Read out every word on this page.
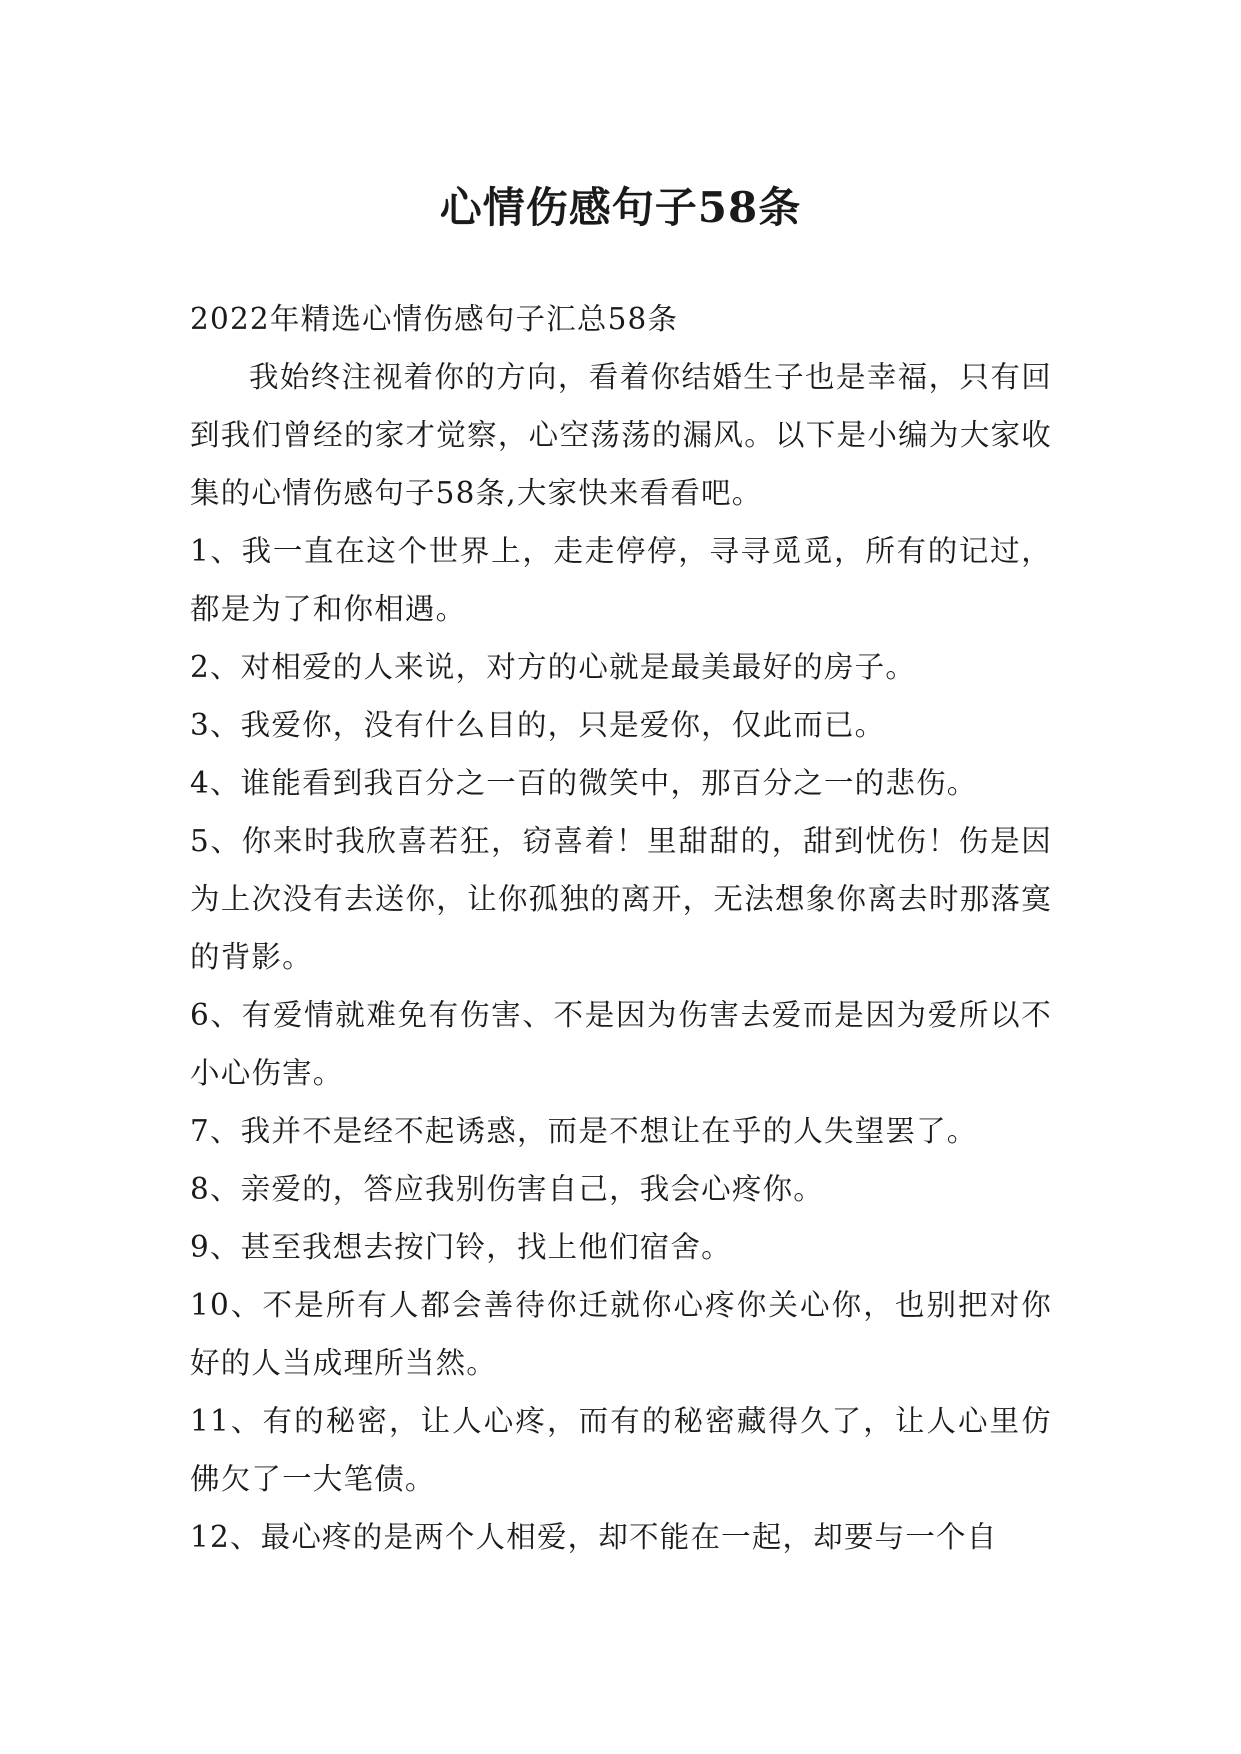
心情伤感句子58条

2022年精选心情伤感句子汇总58条

我始终注视着你的方向，看着你结婚生子也是幸福，只有回到我们曾经的家才觉察，心空荡荡的漏风。以下是小编为大家收集的心情伤感句子58条,大家快来看看吧。

1、我一直在这个世界上，走走停停，寻寻觅觅，所有的记过，都是为了和你相遇。

2、对相爱的人来说，对方的心就是最美最好的房子。

3、我爱你，没有什么目的，只是爱你，仅此而已。

4、谁能看到我百分之一百的微笑中，那百分之一的悲伤。

5、你来时我欣喜若狂，窃喜着！里甜甜的，甜到忧伤！伤是因为上次没有去送你，让你孤独的离开，无法想象你离去时那落寞的背影。

6、有爱情就难免有伤害、不是因为伤害去爱而是因为爱所以不小心伤害。

7、我并不是经不起诱惑，而是不想让在乎的人失望罢了。

8、亲爱的，答应我别伤害自己，我会心疼你。

9、甚至我想去按门铃，找上他们宿舍。

10、不是所有人都会善待你迁就你心疼你关心你，也别把对你好的人当成理所当然。

11、有的秘密，让人心疼，而有的秘密藏得久了，让人心里仿佛欠了一大笔债。

12、最心疼的是两个人相爱，却不能在一起，却要与一个自
